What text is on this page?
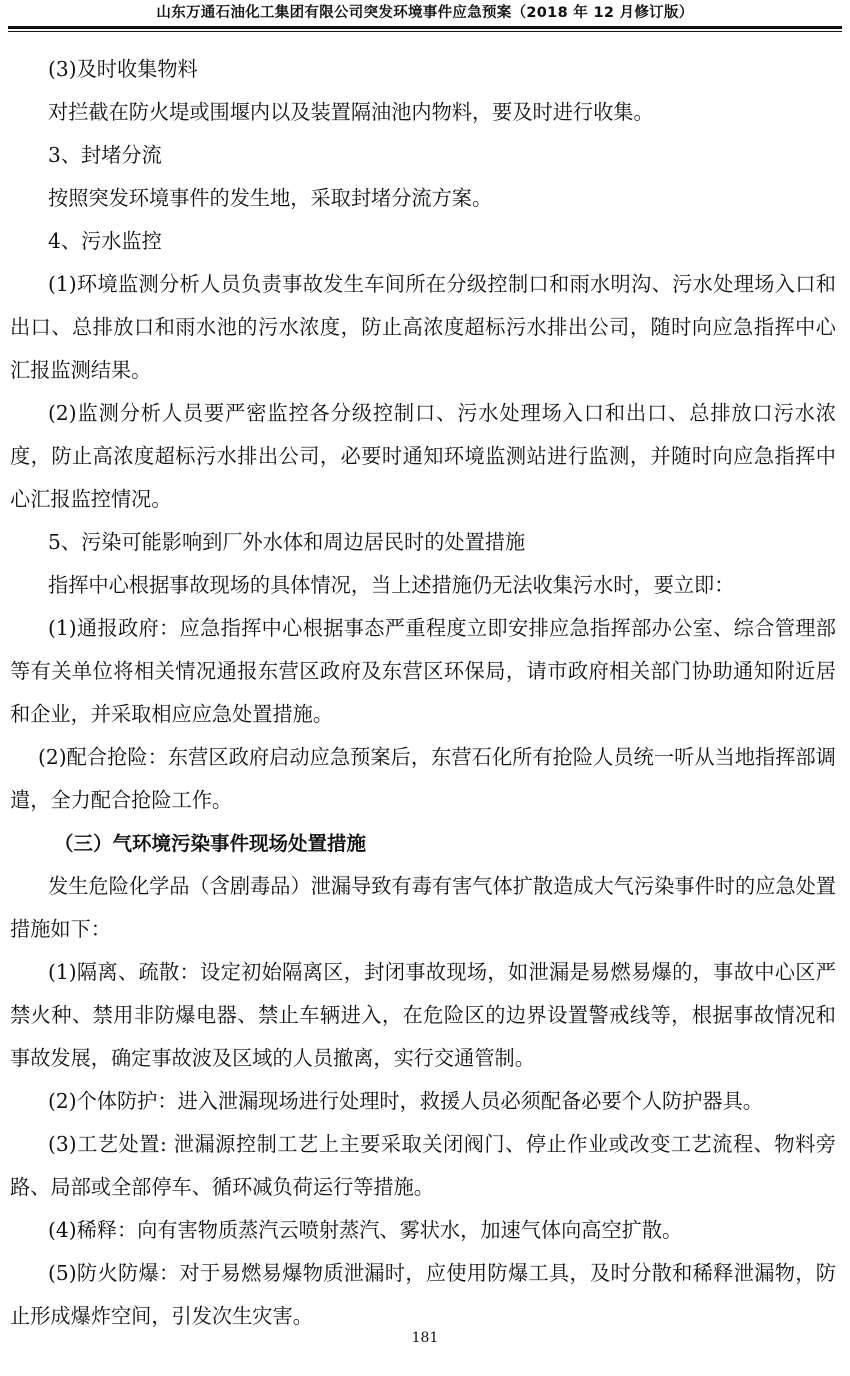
山东万通石油化工集团有限公司突发环境事件应急预案（2018 年 12 月修订版）

(3)及时收集物料

对拦截在防火堤或围堰内以及装置隔油池内物料，要及时进行收集。

3、封堵分流

按照突发环境事件的发生地，采取封堵分流方案。

4、污水监控

(1)环境监测分析人员负责事故发生车间所在分级控制口和雨水明沟、污水处理场入口和出口、总排放口和雨水池的污水浓度，防止高浓度超标污水排出公司，随时向应急指挥中心汇报监测结果。

(2)监测分析人员要严密监控各分级控制口、污水处理场入口和出口、总排放口污水浓度，防止高浓度超标污水排出公司，必要时通知环境监测站进行监测，并随时向应急指挥中心汇报监控情况。

5、污染可能影响到厂外水体和周边居民时的处置措施

指挥中心根据事故现场的具体情况，当上述措施仍无法收集污水时，要立即：

(1)通报政府：应急指挥中心根据事态严重程度立即安排应急指挥部办公室、综合管理部等有关单位将相关情况通报东营区政府及东营区环保局，请市政府相关部门协助通知附近居和企业，并采取相应应急处置措施。

(2)配合抢险：东营区政府启动应急预案后，东营石化所有抢险人员统一听从当地指挥部调遣，全力配合抢险工作。

（三）气环境污染事件现场处置措施

发生危险化学品（含剧毒品）泄漏导致有毒有害气体扩散造成大气污染事件时的应急处置措施如下：

(1)隔离、疏散：设定初始隔离区，封闭事故现场，如泄漏是易燃易爆的，事故中心区严禁火种、禁用非防爆电器、禁止车辆进入，在危险区的边界设置警戒线等，根据事故情况和事故发展，确定事故波及区域的人员撤离，实行交通管制。

(2)个体防护：进入泄漏现场进行处理时，救援人员必须配备必要个人防护器具。

(3)工艺处置: 泄漏源控制工艺上主要采取关闭阀门、停止作业或改变工艺流程、物料旁路、局部或全部停车、循环减负荷运行等措施。

(4)稀释：向有害物质蒸汽云喷射蒸汽、雾状水，加速气体向高空扩散。

(5)防火防爆：对于易燃易爆物质泄漏时，应使用防爆工具，及时分散和稀释泄漏物，防止形成爆炸空间，引发次生灾害。

181
